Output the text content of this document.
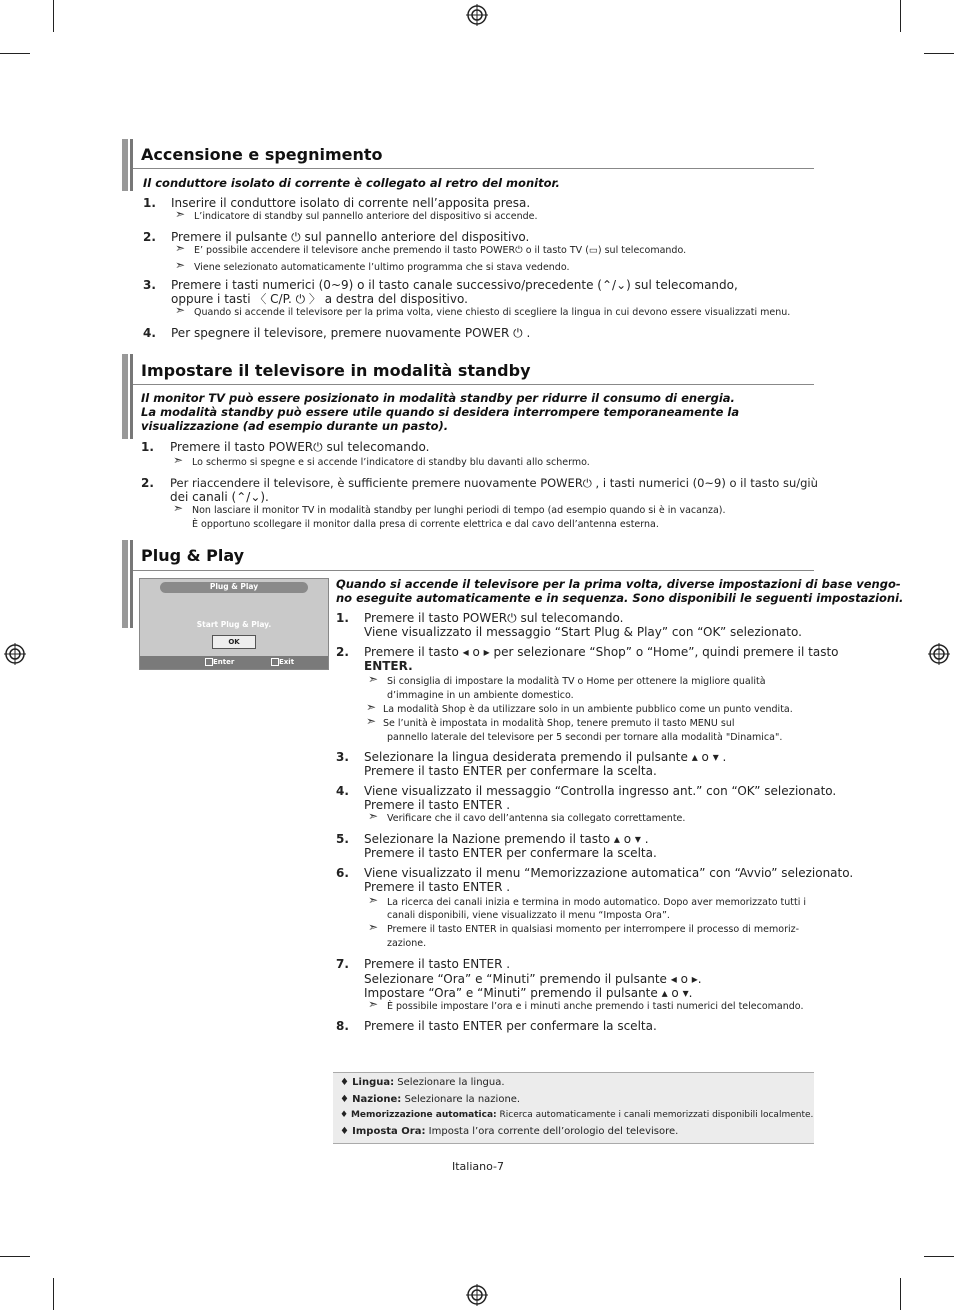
Accensione e spegnimento
Il conduttore isolato di corrente è collegato al retro del monitor.
1. Inserire il conduttore isolato di corrente nell’apposita presa.
➣ L’indicatore di standby sul pannello anteriore del dispositivo si accende.
2. Premere il pulsante ⏻ sul pannello anteriore del dispositivo.
➣ E’ possibile accendere il televisore anche premendo il tasto POWER⏻ o il tasto TV (▭) sul telecomando.
➣ Viene selezionato automaticamente l’ultimo programma che si stava vedendo.
3. Premere i tasti numerici (0~9) o il tasto canale successivo/precedente (⌃/⌄) sul telecomando,
oppure i tasti 〈 C/P. ⏻ 〉 a destra del dispositivo.
➣ Quando si accende il televisore per la prima volta, viene chiesto di scegliere la lingua in cui devono essere visualizzati menu.
4. Per spegnere il televisore, premere nuovamente POWER ⏻ .
Impostare il televisore in modalità standby
Il monitor TV può essere posizionato in modalità standby per ridurre il consumo di energia.
La modalità standby può essere utile quando si desidera interrompere temporaneamente la
visualizzazione (ad esempio durante un pasto).
1. Premere il tasto POWER⏻ sul telecomando.
➣ Lo schermo si spegne e si accende l’indicatore di standby blu davanti allo schermo.
2. Per riaccendere il televisore, è sufficiente premere nuovamente POWER⏻ , i tasti numerici (0~9) o il tasto su/giù
dei canali (⌃/⌄).
➣ Non lasciare il monitor TV in modalità standby per lunghi periodi di tempo (ad esempio quando si è in vacanza).
È opportuno scollegare il monitor dalla presa di corrente elettrica e dal cavo dell’antenna esterna.
Plug & Play
Plug & Play
Start Plug & Play.
OK
Enter	Exit
Quando si accende il televisore per la prima volta, diverse impostazioni di base vengo-
no eseguite automaticamente e in sequenza. Sono disponibili le seguenti impostazioni.
1. Premere il tasto POWER⏻ sul telecomando.
Viene visualizzato il messaggio “Start Plug & Play” con “OK” selezionato.
2. Premere il tasto ◂ o ▸ per selezionare “Shop” o “Home”, quindi premere il tasto
ENTER.
➣ Si consiglia di impostare la modalità TV o Home per ottenere la migliore qualità
d’immagine in un ambiente domestico.
➣ La modalità Shop è da utilizzare solo in un ambiente pubblico come un punto vendita.
➣ Se l’unità è impostata in modalità Shop, tenere premuto il tasto MENU sul
pannello laterale del televisore per 5 secondi per tornare alla modalità "Dinamica".
3. Selezionare la lingua desiderata premendo il pulsante ▴ o ▾ .
Premere il tasto ENTER per confermare la scelta.
4. Viene visualizzato il messaggio “Controlla ingresso ant.” con “OK” selezionato.
Premere il tasto ENTER .
➣ Verificare che il cavo dell’antenna sia collegato correttamente.
5. Selezionare la Nazione premendo il tasto ▴ o ▾ .
Premere il tasto ENTER per confermare la scelta.
6. Viene visualizzato il menu “Memorizzazione automatica” con “Avvio” selezionato.
Premere il tasto ENTER .
➣ La ricerca dei canali inizia e termina in modo automatico. Dopo aver memorizzato tutti i
canali disponibili, viene visualizzato il menu “Imposta Ora”.
➣ Premere il tasto ENTER in qualsiasi momento per interrompere il processo di memoriz-
zazione.
7. Premere il tasto ENTER .
Selezionare “Ora” e “Minuti” premendo il pulsante ◂ o ▸.
Impostare “Ora” e “Minuti” premendo il pulsante ▴ o ▾.
➣ È possibile impostare l’ora e i minuti anche premendo i tasti numerici del telecomando.
8. Premere il tasto ENTER per confermare la scelta.
♦ Lingua: Selezionare la lingua.
♦ Nazione: Selezionare la nazione.
♦ Memorizzazione automatica: Ricerca automaticamente i canali memorizzati disponibili localmente.
♦ Imposta Ora: Imposta l’ora corrente dell’orologio del televisore.
Italiano-7
